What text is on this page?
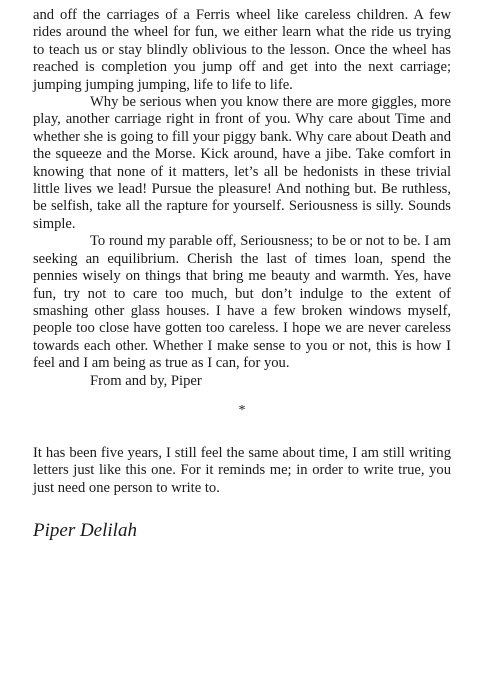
and off the carriages of a Ferris wheel like careless children. A few rides around the wheel for fun, we either learn what the ride us trying to teach us or stay blindly oblivious to the lesson. Once the wheel has reached is completion you jump off and get into the next carriage; jumping jumping jumping, life to life to life.

Why be serious when you know there are more giggles, more play, another carriage right in front of you. Why care about Time and whether she is going to fill your piggy bank. Why care about Death and the squeeze and the Morse. Kick around, have a jibe. Take comfort in knowing that none of it matters, let’s all be hedonists in these trivial little lives we lead! Pursue the pleasure! And nothing but. Be ruthless, be selfish, take all the rapture for yourself. Seriousness is silly. Sounds simple.

To round my parable off, Seriousness; to be or not to be. I am seeking an equilibrium. Cherish the last of times loan, spend the pennies wisely on things that bring me beauty and warmth. Yes, have fun, try not to care too much, but don’t indulge to the extent of smashing other glass houses. I have a few broken windows myself, people too close have gotten too careless. I hope we are never careless towards each other. Whether I make sense to you or not, this is how I feel and I am being as true as I can, for you.

From and by, Piper

*

It has been five years, I still feel the same about time, I am still writing letters just like this one. For it reminds me; in order to write true, you just need one person to write to.

Piper Delilah
